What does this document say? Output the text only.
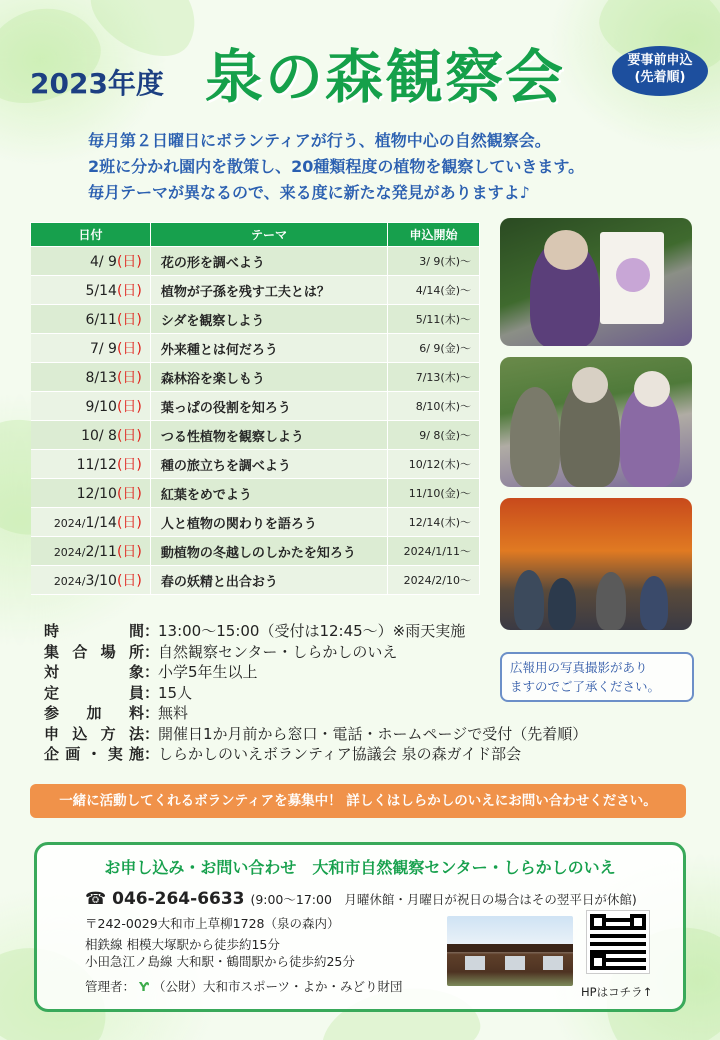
2023年度 泉の森観察会	要事前申込
(先着順)
毎月第２日曜日にボランティアが行う、植物中心の自然観察会。
2班に分かれ園内を散策し、20種類程度の植物を観察していきます。
毎月テーマが異なるので、来る度に新たな発見がありますよ♪
日付	テーマ	申込開始
4/ 9(日)	花の形を調べよう	3/ 9(木)～
5/14(日)	植物が子孫を残す工夫とは？	4/14(金)～
6/11(日)	シダを観察しよう	5/11(木)～
7/ 9(日)	外来種とは何だろう	6/ 9(金)～
8/13(日)	森林浴を楽しもう	7/13(木)～
9/10(日)	葉っぱの役割を知ろう	8/10(木)～
10/ 8(日)	つる性植物を観察しよう	9/ 8(金)～
11/12(日)	種の旅立ちを調べよう	10/12(木)～
12/10(日)	紅葉をめでよう	11/10(金)～
2024/1/14(日)	人と植物の関わりを語ろう	12/14(木)～
2024/2/11(日)	動植物の冬越しのしかたを知ろう	2024/1/11～
2024/3/10(日)	春の妖精と出合おう	2024/2/10～
時	間 ：
13:00～15:00（受付は12:45～）※雨天実施
集 合 場 所 ：
自然観察センター・しらかしのいえ
対	象 ：
小学5年生以上
定	員 ：
15人
参 加 料 ：
無料
申 込 方 法 ：
開催日1か月前から窓口・電話・ホームページで受付（先着順）
企 画 ・ 実 施 ：
しらかしのいえボランティア協議会 泉の森ガイド部会
広報用の写真撮影があり
ますのでご了承ください。
一緒に活動してくれるボランティアを募集中！ 詳しくはしらかしのいえにお問い合わせください。
お申し込み・お問い合わせ　大和市自然観察センター・しらかしのいえ
☎ 046-264-6633 (9:00～17:00　月曜休館・月曜日が祝日の場合はその翌平日が休館)
〒242-0029大和市上草柳1728（泉の森内）
相鉄線 相模大塚駅から徒歩約15分
小田急江ノ島線 大和駅・鶴間駅から徒歩約25分
管理者： Ƴ （公財）大和市スポーツ・よか・みどり財団	HPはコチラ↑
